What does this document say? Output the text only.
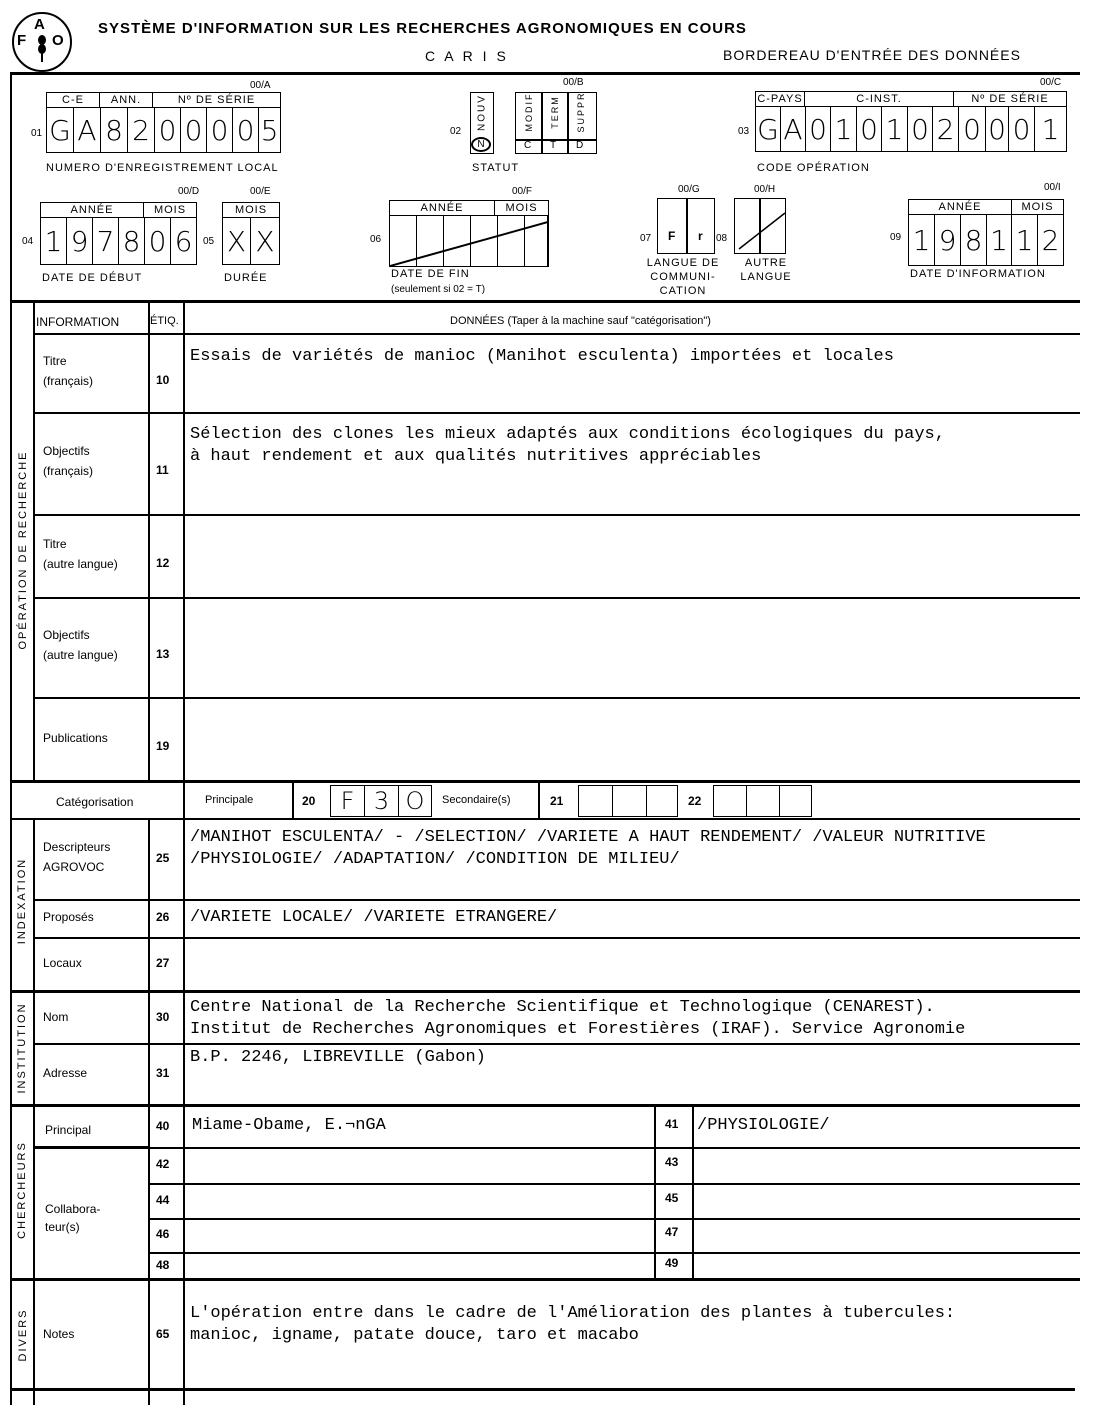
F
A
O
SYSTÈME D'INFORMATION SUR LES RECHERCHES AGRONOMIQUES EN COURS
C A R I S	BORDEREAU D'ENTRÉE DES DONNÉES
00/A
01
C-E	ANN.	Nº DE SÉRIE
G A 8 2 0 0 0 0 5
NUMERO D'ENREGISTREMENT LOCAL
00/B
02
NOUV
N
MODIF TERM SUPPR
C T D
STATUT
00/C
03
C-PAYS	C-INST.	Nº DE SÉRIE
G A 0 1 0 1 0 2 0 0 0 1
CODE OPÉRATION
00/D
04
ANNÉE	MOIS
1 9 7 8 0 6
DATE DE DÉBUT
00/E
05
MOIS
X X
DURÉE
00/F
06
ANNÉE	MOIS
DATE DE FIN
(seulement si 02 = T)
00/G
07 F r
LANGUE DE
COMMUNI-
CATION
00/H
08
AUTRE
LANGUE
00/I
09
ANNÉE	MOIS
1 9 8 1 1 2
DATE D'INFORMATION
INFORMATION	ÉTIQ.	DONNÉES (Taper à la machine sauf "catégorisation")
OPÉRATION DE RECHERCHE
Titre
(français)	10
Essais de variétés de manioc (Manihot esculenta) importées et locales
Objectifs
(français)	11
Sélection des clones les mieux adaptés aux conditions écologiques du pays,
à haut rendement et aux qualités nutritives appréciables
Titre
(autre langue)	12
Objectifs
(autre langue)	13
Publications
19
Catégorisation	Principale	20	F 3 O	Secondaire(s)	21	22
INDEXATION
Descripteurs
AGROVOC
25
/MANIHOT ESCULENTA/ - /SELECTION/ /VARIETE A HAUT RENDEMENT/ /VALEUR NUTRITIVE
/PHYSIOLOGIE/ /ADAPTATION/ /CONDITION DE MILIEU/
Proposés	26 /VARIETE LOCALE/ /VARIETE ETRANGERE/
Locaux	27
INSTITUTION Nom	30 Centre National de la Recherche Scientifique et Technologique (CENAREST).
Institut de Recherches Agronomiques et Forestières (IRAF). Service Agronomie
Adresse	31
B.P. 2246, LIBREVILLE (Gabon)
CHERCHEURS
Principal
Collabora-
teur(s)
40 Miame-Obame, E.¬nGA	41 /PHYSIOLOGIE/
42	43
44	45
46	47
48	49
DIVERS Notes	65
L'opération entre dans le cadre de l'Amélioration des plantes à tubercules:
manioc, igname, patate douce, taro et macabo
